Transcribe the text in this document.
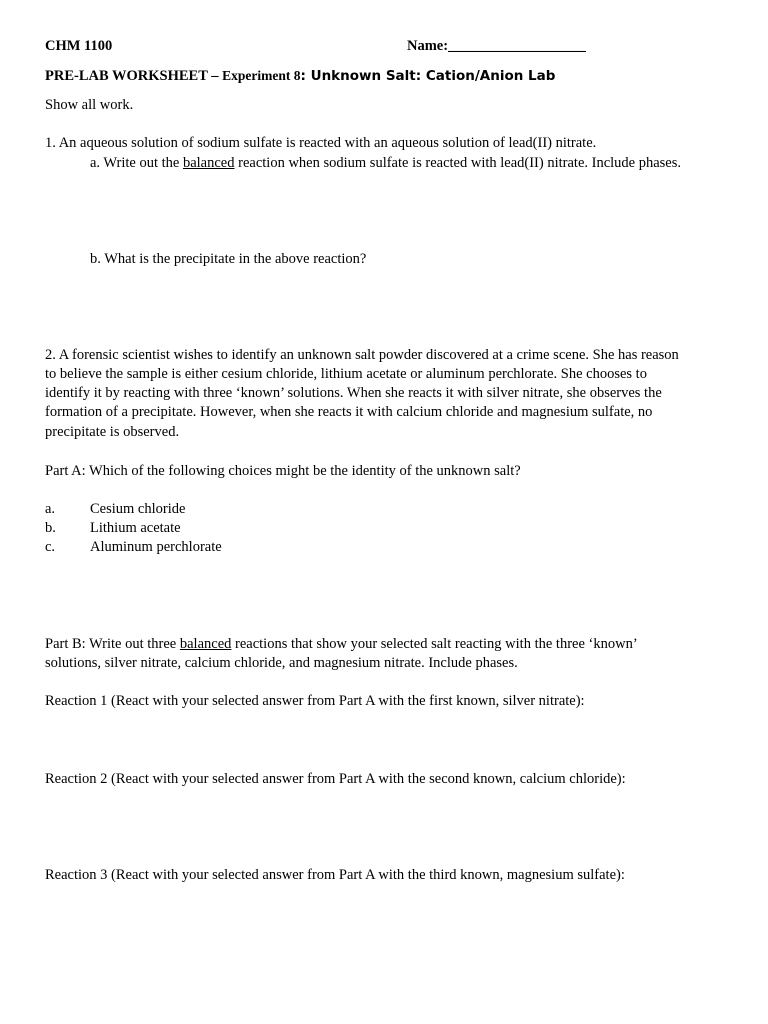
CHM 1100	Name:___________________
PRE-LAB WORKSHEET – Experiment 8: Unknown Salt: Cation/Anion Lab
Show all work.
1. An aqueous solution of sodium sulfate is reacted with an aqueous solution of lead(II) nitrate.
a. Write out the balanced reaction when sodium sulfate is reacted with lead(II) nitrate. Include phases.
b. What is the precipitate in the above reaction?
2. A forensic scientist wishes to identify an unknown salt powder discovered at a crime scene. She has reason
to believe the sample is either cesium chloride, lithium acetate or aluminum perchlorate. She chooses to
identify it by reacting with three ‘known’ solutions. When she reacts it with silver nitrate, she observes the
formation of a precipitate. However, when she reacts it with calcium chloride and magnesium sulfate, no
precipitate is observed.
Part A: Which of the following choices might be the identity of the unknown salt?
a. Cesium chloride
b. Lithium acetate
c. Aluminum perchlorate
Part B: Write out three balanced reactions that show your selected salt reacting with the three ‘known’
solutions, silver nitrate, calcium chloride, and magnesium nitrate. Include phases.
Reaction 1 (React with your selected answer from Part A with the first known, silver nitrate):
Reaction 2 (React with your selected answer from Part A with the second known, calcium chloride):
Reaction 3 (React with your selected answer from Part A with the third known, magnesium sulfate):
